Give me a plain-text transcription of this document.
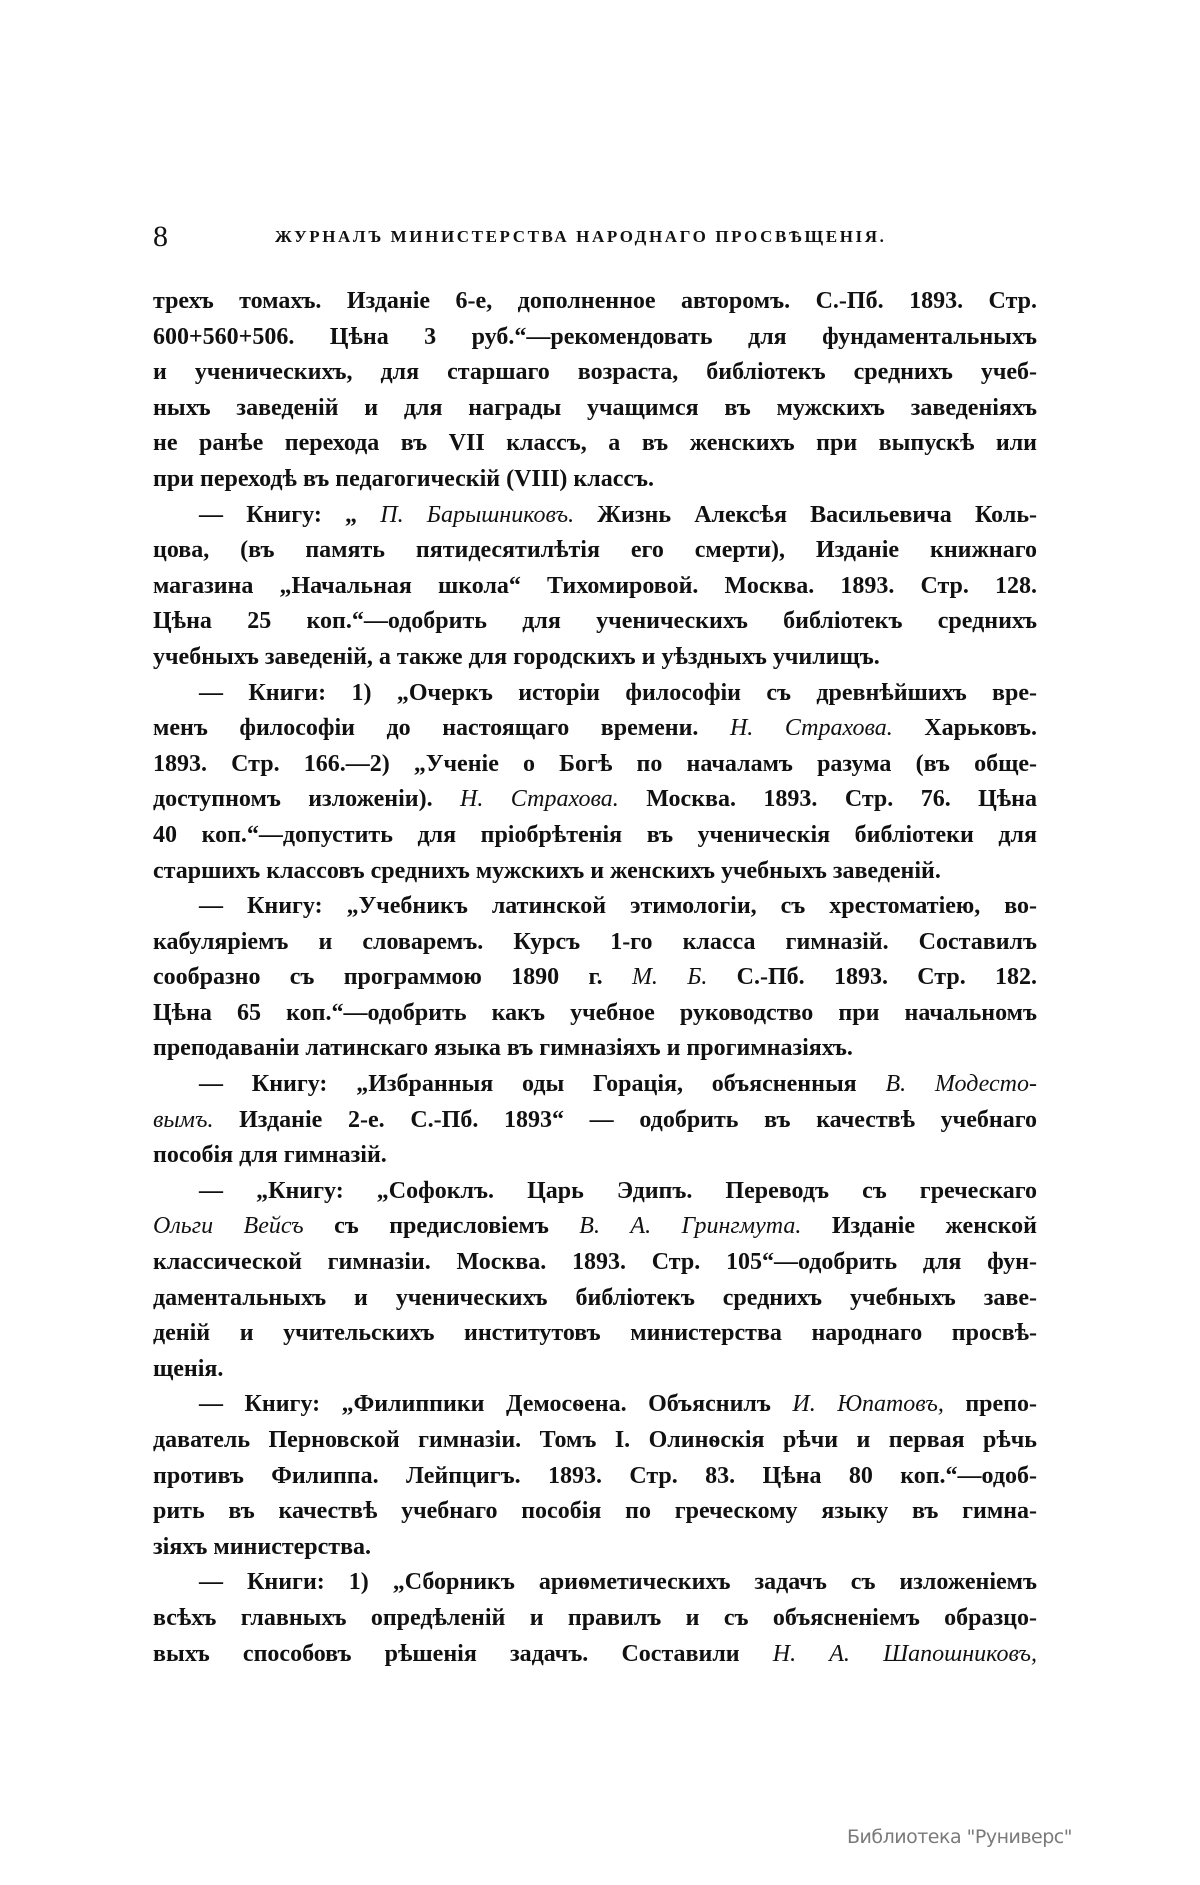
8	ЖУРНАЛЪ МИНИСТЕРСТВА НАРОДНАГО ПРОСВѢЩЕНІЯ.
трехъ томахъ. Изданіе 6-е, дополненное авторомъ. С.-Пб. 1893. Стр.
600+560+506. Цѣна 3 руб.“—рекомендовать для фундаментальныхъ
и ученическихъ, для старшаго возраста, библіотекъ среднихъ учеб-
ныхъ заведеній и для награды учащимся въ мужскихъ заведеніяхъ
не ранѣе перехода въ VII классъ, а въ женскихъ при выпускѣ или
при переходѣ въ педагогическій (VIII) классъ.
— Книгу: „ П. Барышниковъ. Жизнь Алексѣя Васильевича Коль-
цова, (въ память пятидесятилѣтія его смерти), Изданіе книжнаго
магазина „Начальная школа“ Тихомировой. Москва. 1893. Стр. 128.
Цѣна 25 коп.“—одобрить для ученическихъ библіотекъ среднихъ
учебныхъ заведеній, а также для городскихъ и уѣздныхъ училищъ.
— Книги: 1) „Очеркъ исторіи философіи съ древнѣйшихъ вре-
менъ философіи до настоящаго времени. Н. Страхова. Харьковъ.
1893. Стр. 166.—2) „Ученіе о Богѣ по началамъ разума (въ обще-
доступномъ изложеніи). Н. Страхова. Москва. 1893. Стр. 76. Цѣна
40 коп.“—допустить для пріобрѣтенія въ ученическія библіотеки для
старшихъ классовъ среднихъ мужскихъ и женскихъ учебныхъ заведеній.
— Книгу: „Учебникъ латинской этимологіи, съ хрестоматіею, во-
кабуляріемъ и словаремъ. Курсъ 1-го класса гимназій. Составилъ
сообразно съ программою 1890 г. М. Б. С.-Пб. 1893. Стр. 182.
Цѣна 65 коп.“—одобрить какъ учебное руководство при начальномъ
преподаваніи латинскаго языка въ гимназіяхъ и прогимназіяхъ.
— Книгу: „Избранныя оды Горація, объясненныя В. Модесто-
вымъ. Изданіе 2-е. С.-Пб. 1893“ — одобрить въ качествѣ учебнаго
пособія для гимназій.
— „Книгу: „Софоклъ. Царь Эдипъ. Переводъ съ греческаго
Ольги Вейсъ съ предисловіемъ В. А. Грингмута. Изданіе женской
классической гимназіи. Москва. 1893. Стр. 105“—одобрить для фун-
даментальныхъ и ученическихъ библіотекъ среднихъ учебныхъ заве-
деній и учительскихъ институтовъ министерства народнаго просвѣ-
щенія.
— Книгу: „Филиппики Демосѳена. Объяснилъ И. Юпатовъ, препо-
даватель Перновской гимназіи. Томъ I. Олинѳскія рѣчи и первая рѣчь
противъ Филиппа. Лейпцигъ. 1893. Стр. 83. Цѣна 80 коп.“—одоб-
рить въ качествѣ учебнаго пособія по греческому языку въ гимна-
зіяхъ министерства.
— Книги: 1) „Сборникъ ариѳметическихъ задачъ съ изложеніемъ
всѣхъ главныхъ опредѣленій и правилъ и съ объясненіемъ образцо-
выхъ способовъ рѣшенія задачъ. Составили Н. А. Шапошниковъ,
Библиотека "Руниверс"
